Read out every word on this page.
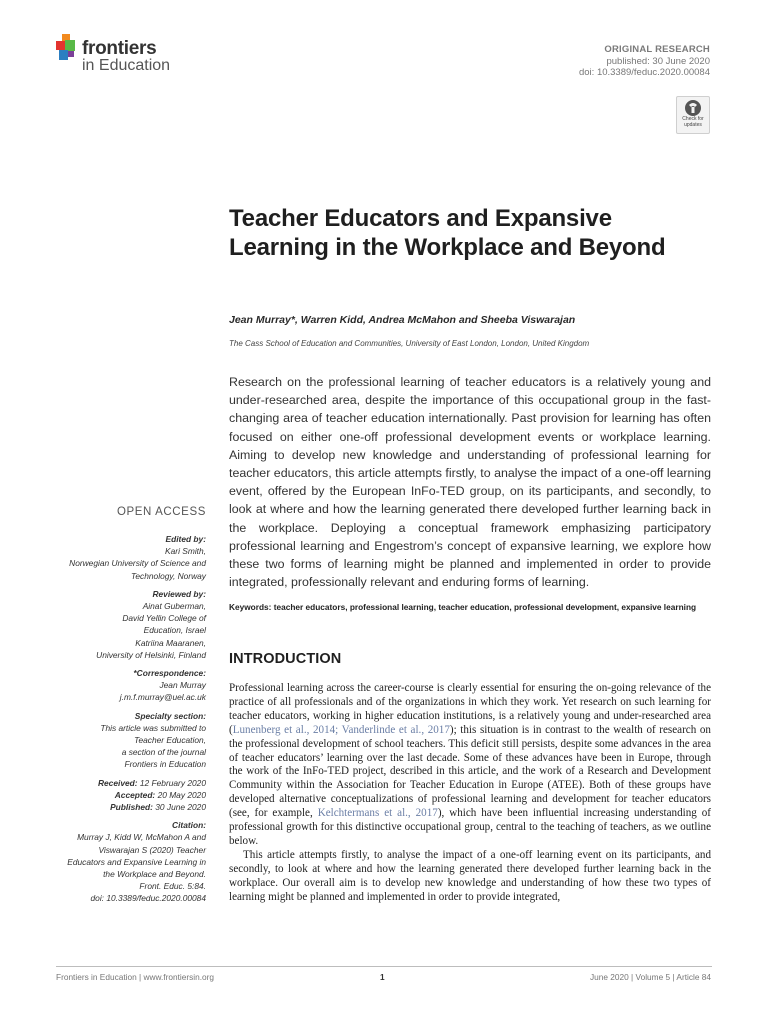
frontiers
in Education
ORIGINAL RESEARCH
published: 30 June 2020
doi: 10.3389/feduc.2020.00084
Check for
updates
Teacher Educators and Expansive Learning in the Workplace and Beyond
Jean Murray*, Warren Kidd, Andrea McMahon and Sheeba Viswarajan
The Cass School of Education and Communities, University of East London, London, United Kingdom
Research on the professional learning of teacher educators is a relatively young and under-researched area, despite the importance of this occupational group in the fast-changing area of teacher education internationally. Past provision for learning has often focused on either one-off professional development events or workplace learning. Aiming to develop new knowledge and understanding of professional learning for teacher educators, this article attempts firstly, to analyse the impact of a one-off learning event, offered by the European InFo-TED group, on its participants, and secondly, to look at where and how the learning generated there developed further learning back in the workplace. Deploying a conceptual framework emphasizing participatory professional learning and Engestrom’s concept of expansive learning, we explore how these two forms of learning might be planned and implemented in order to provide integrated, professionally relevant and enduring forms of learning.
Keywords: teacher educators, professional learning, teacher education, professional development, expansive learning
OPEN ACCESS
Edited by:
Kari Smith,
Norwegian University of Science and
Technology, Norway
Reviewed by:
Ainat Guberman,
David Yellin College of
Education, Israel
Katriina Maaranen,
University of Helsinki, Finland
*Correspondence:
Jean Murray
j.m.f.murray@uel.ac.uk
Specialty section:
This article was submitted to
Teacher Education,
a section of the journal
Frontiers in Education
Received: 12 February 2020
Accepted: 20 May 2020
Published: 30 June 2020
Citation:
Murray J, Kidd W, McMahon A and
Viswarajan S (2020) Teacher
Educators and Expansive Learning in
the Workplace and Beyond.
Front. Educ. 5:84.
doi: 10.3389/feduc.2020.00084
INTRODUCTION

Professional learning across the career-course is clearly essential for ensuring the on-going relevance of the practice of all professionals and of the organizations in which they work. Yet research on such learning for teacher educators, working in higher education institutions, is a relatively young and under-researched area (Lunenberg et al., 2014; Vanderlinde et al., 2017); this situation is in contrast to the wealth of research on the professional development of school teachers. This deficit still persists, despite some advances in the area of teacher educators’ learning over the last decade. Some of these advances have been in Europe, through the work of the InFo-TED project, described in this article, and the work of a Research and Development Community within the Association for Teacher Education in Europe (ATEE). Both of these groups have developed alternative conceptualizations of professional learning and development for teacher educators (see, for example, Kelchtermans et al., 2017), which have been influential increasing understanding of professional growth for this distinctive occupational group, central to the teaching of teachers, as we outline below.

This article attempts firstly, to analyse the impact of a one-off learning event on its participants, and secondly, to look at where and how the learning generated there developed further learning back in the workplace. Our overall aim is to develop new knowledge and understanding of how these two types of learning might be planned and implemented in order to provide integrated,

Frontiers in Education | www.frontiersin.org	1	June 2020 | Volume 5 | Article 84
